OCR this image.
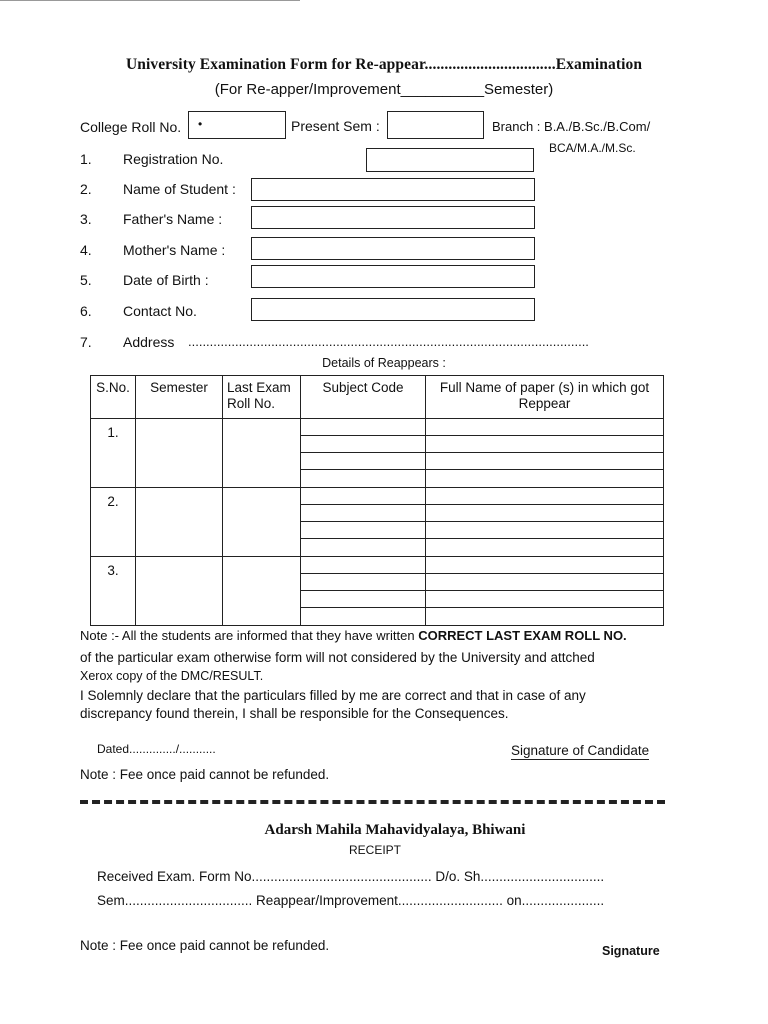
University Examination Form for Re-appear.................................Examination
(For Re-apper/Improvement__________Semester)
College Roll No. •	Present Sem :	Branch : B.A./B.Sc./B.Com/
BCA/M.A./M.Sc.
1. Registration No.
2. Name of Student :
3. Father's Name :
4. Mother's Name :
5. Date of Birth :
6. Contact No.
7. Address ...............................................................................................................
Details of Reappears :
S.No.	Semester	Last Exam Roll No.	Subject Code	Full Name of paper (s) in which got Reppear
1.			

2.			

3.			

Note :- All the students are informed that they have written CORRECT LAST EXAM ROLL NO.
of the particular exam otherwise form will not considered by the University and attched
Xerox copy of the DMC/RESULT.
I Solemnly declare that the particulars filled by me are correct and that in case of any
discrepancy found therein, I shall be responsible for the Consequences.
Dated............../...........	Signature of Candidate
Note : Fee once paid cannot be refunded.
Adarsh Mahila Mahavidyalaya, Bhiwani
RECEIPT
Received Exam. Form No................................................ D/o. Sh.................................
Sem.................................. Reappear/Improvement............................ on......................
Note : Fee once paid cannot be refunded.	Signature
